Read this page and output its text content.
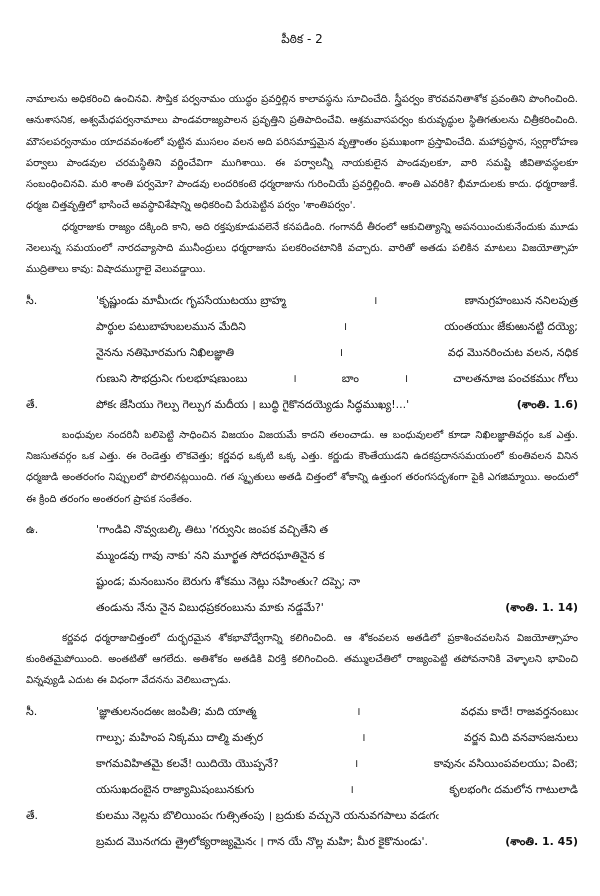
పీఠిక - 2

నామాలను అధికరించి ఉంచినవి. సౌప్తిక పర్వనామం యుద్ధం ప్రవర్తిల్లిన కాలావస్థను సూచించేది. స్త్రీపర్వం కౌరవవనితాశోక ప్రవంతిని పొంగించింది. ఆనుశాసనిక, అశ్వమేధపర్వనామాలు పాండవరాజ్యపాలన ప్రవృత్తిని ప్రతిపాదించేవి. ఆశ్రమవాసపర్వం కురువృద్ధుల స్థితిగతులను చిత్రీకరించింది. మౌసలపర్వనామం యాదవవంశంలో పుట్టిన ముసలం వలన అది పరిసమాప్తమైన వృత్తాంతం ప్రముఖంగా ప్రస్తావించేది. మహాప్రస్థాన, స్వర్గారోహణ పర్వాలు పాండవుల చరమస్థితిని వర్ణించేవిగా ముగిశాయి. ఈ పర్వాలన్నీ నాయకులైన పాండవులకూ, వారి సమష్టి జీవితావస్థలకూ సంబంధించినవి. మరి శాంతి పర్వమో? పాండవు లందరికంటె ధర్మరాజును గురించియే ప్రవర్తిల్లింది. శాంతి ఎవరికి? భీమాదులకు కాదు. ధర్మరాజుకే. ధర్మజ చిత్తవృత్తిలో భాసించే అవస్థావిశేషాన్ని అధికరించి పేరుపెట్టిన పర్వం 'శాంతిపర్వం'.

ధర్మరాజుకు రాజ్యం దక్కింది కాని, అది రక్తపుకూడువలెనే కనపడింది. గంగానదీ తీరంలో ఆకుచిత్యాన్ని అపనయించుకునేందుకు మూడు నెలలున్న సమయంలో నారదవ్యాసాది మునీంద్రులు ధర్మరాజును పలకరించటానికి వచ్చారు. వారితో అతడు పలికిన మాటలు విజయోత్సాహ ముద్రితాలు కావు: విషాదముగ్ధాలై వెలువడ్డాయి.

సీ.	'కృష్ణుండు మామీఁదఁ గృపసేయుటయు బ్రాహ్మ	।	ణానుగ్రహంబున ననిలపుత్ర
పార్థుల పటుబాహుబలమున మేదిని	।	యంతయుఁ జేకుఱునట్టి దయ్యె;
నైనను నతిఘోరమగు నిఖిలజ్ఞాతి	।	వధ మొనరించుట వలన, నధిక
గుణుని సౌభద్రునిఁ గులభూషణుంబు	।	బాం	।	చాలతనూజ పంచకముఁ గోలు
తే.	పోకఁ జేసియు గెల్పు గెల్పుగ మదీయ । బుద్ధి గైకొనదయ్యెడు సిద్ధముఖ్య!...'	(శాంతి. 1.6)

బంధువుల నందరినీ బలిపెట్టి సాధించిన విజయం విజయమే కాదని తలంచాడు. ఆ బంధువులలో కూడా నిఖిలజ్ఞాతివర్గం ఒక ఎత్తు. నిజసుతవర్గం ఒక ఎత్తు. ఈ రెండెత్తు లొకవెత్తు; కర్ణవధ ఒక్కటి ఒక్క ఎత్తు. కర్ణుడు కౌంతేయుడని ఉదకప్రదానసమయంలో కుంతివలన వినిన ధర్మజుడి అంతరంగం నిప్పులలో పొరలినట్లయింది. గత స్మృతులు అతడి చిత్తంలో శోకాన్ని ఉత్తుంగ తరంగసదృశంగా పైకి ఎగజిమ్మాయి. అందులో ఈ క్రింది తరంగం అంతరంగ ప్రాపక సంకేతం.

ఉ.	'గాండివి నొవ్వఁబల్కి తిటు 'గర్వునిఁ జంపక వచ్చితేని త
మ్ముండవు గావు నాకు' నని మూర్ఖత సోదరఘాతినైన క
ష్టుండ; మనంబునం బెరుగు శోకము నెట్లు సహింతుఁ? దప్పె; నా
తండును నేను నైన విబుధప్రకరంబును మాకు నడ్డమే?'	(శాంతి. 1. 14)

కర్ణవధ ధర్మరాజుచిత్తంలో దుర్భరమైన శోకభావోద్వేగాన్ని కలిగించింది. ఆ శోకంవలన అతడిలో ప్రకాశించవలసిన విజయోత్సాహం కుంఠితమైపోయింది. అంతటితో ఆగలేదు. అతిశోకం అతడికి విరక్తి కలిగించింది. తమ్ములచేతిలో రాజ్యంపెట్టి తపోవనానికి వెళ్ళాలని భావించి విన్నవ్యుడి ఎదుట ఈ విధంగా వేదనను వెలిబుచ్చాడు.

సీ.	'జ్ఞాతులనందఱఁ జంపితి; మది యాత్మ	।	వధమ కాదే! రాజవర్తనంబుఁ
గాల్పు; మహింప నిక్కము దాల్మి మత్సర	।	వర్జన మిది వనవాసజనులు
కాగమవిహితమై కలవే! యిదియె యొప్పనే?	।	కావునఁ వసియింపవలయు; వింటె;
యసుఖదంబైన రాజ్యామిషంబునకుగు	।	కృలభంగిఁ దమలోన గాటులాడి
తే.	కులము నెల్లను బొలియింపఁ గుత్సితంపు । బ్రదుకు వచ్చునె యనువగపాలు వడఁగఁ
బ్రమద మొనఁగదు త్రైలోక్యరాజ్యమైనఁ । గాన యే నొల్ల మహి; మీర కైకొనుండు'.	(శాంతి. 1. 45)
